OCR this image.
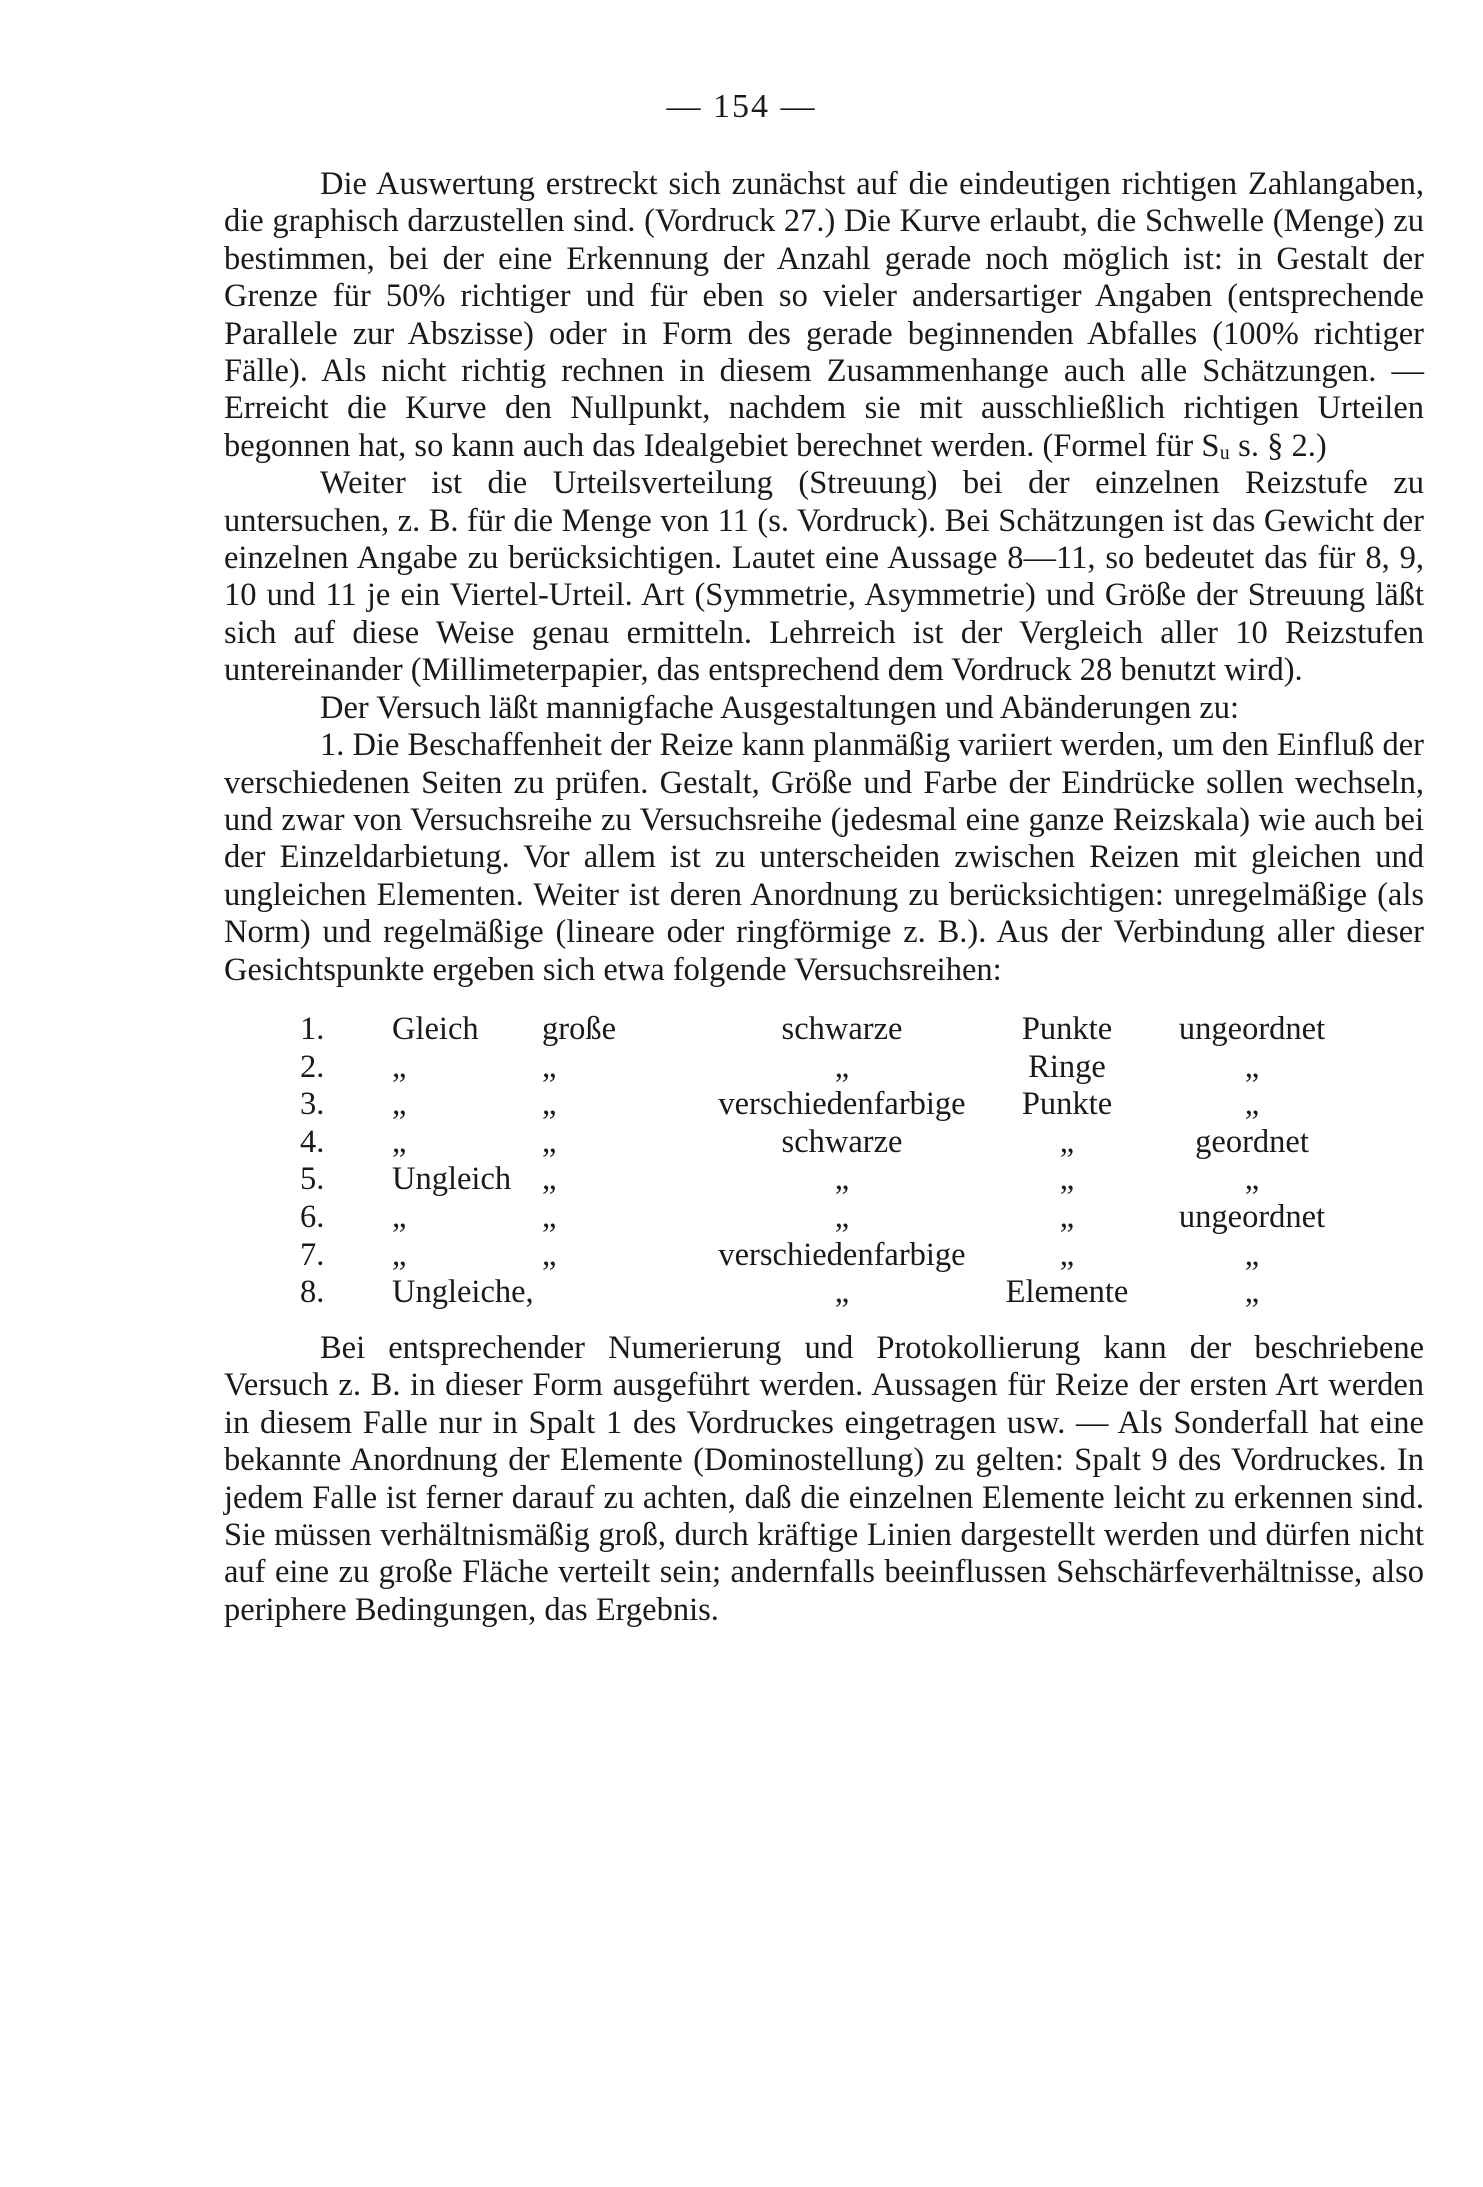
— 154 —

Die Auswertung erstreckt sich zunächst auf die eindeutigen richtigen Zahlangaben, die graphisch darzustellen sind. (Vordruck 27.) Die Kurve erlaubt, die Schwelle (Menge) zu bestimmen, bei der eine Erkennung der Anzahl gerade noch möglich ist: in Gestalt der Grenze für 50% richtiger und für eben so vieler andersartiger Angaben (entsprechende Parallele zur Abszisse) oder in Form des gerade beginnenden Abfalles (100% richtiger Fälle). Als nicht richtig rechnen in diesem Zusammenhange auch alle Schätzungen. — Erreicht die Kurve den Nullpunkt, nachdem sie mit ausschließlich richtigen Urteilen begonnen hat, so kann auch das Idealgebiet berechnet werden. (Formel für Sᵤ s. § 2.)

Weiter ist die Urteilsverteilung (Streuung) bei der einzelnen Reizstufe zu untersuchen, z. B. für die Menge von 11 (s. Vordruck). Bei Schätzungen ist das Gewicht der einzelnen Angabe zu berücksichtigen. Lautet eine Aussage 8—11, so bedeutet das für 8, 9, 10 und 11 je ein Viertel-Urteil. Art (Symmetrie, Asymmetrie) und Größe der Streuung läßt sich auf diese Weise genau ermitteln. Lehrreich ist der Vergleich aller 10 Reizstufen untereinander (Millimeterpapier, das entsprechend dem Vordruck 28 benutzt wird).

Der Versuch läßt mannigfache Ausgestaltungen und Abänderungen zu:

1. Die Beschaffenheit der Reize kann planmäßig variiert werden, um den Einfluß der verschiedenen Seiten zu prüfen. Gestalt, Größe und Farbe der Eindrücke sollen wechseln, und zwar von Versuchsreihe zu Versuchsreihe (jedesmal eine ganze Reizskala) wie auch bei der Einzeldarbietung. Vor allem ist zu unterscheiden zwischen Reizen mit gleichen und ungleichen Elementen. Weiter ist deren Anordnung zu berücksichtigen: unregelmäßige (als Norm) und regelmäßige (lineare oder ringförmige z. B.). Aus der Verbindung aller dieser Gesichtspunkte ergeben sich etwa folgende Versuchsreihen:

1.	Gleich	große	schwarze	Punkte	ungeordnet
2.	„	„	„	Ringe	„
3.	„	„	verschiedenfarbige	Punkte	„
4.	„	„	schwarze	„	geordnet
5.	Ungleich	„	„	„	„
6.	„	„	„	„	ungeordnet
7.	„	„	verschiedenfarbige	„	„
8.	Ungleiche,		„	Elemente	„

Bei entsprechender Numerierung und Protokollierung kann der beschriebene Versuch z. B. in dieser Form ausgeführt werden. Aussagen für Reize der ersten Art werden in diesem Falle nur in Spalt 1 des Vordruckes eingetragen usw. — Als Sonderfall hat eine bekannte Anordnung der Elemente (Dominostellung) zu gelten: Spalt 9 des Vordruckes. In jedem Falle ist ferner darauf zu achten, daß die einzelnen Elemente leicht zu erkennen sind. Sie müssen verhältnismäßig groß, durch kräftige Linien dargestellt werden und dürfen nicht auf eine zu große Fläche verteilt sein; andernfalls beeinflussen Sehschärfeverhältnisse, also periphere Bedingungen, das Ergebnis.
